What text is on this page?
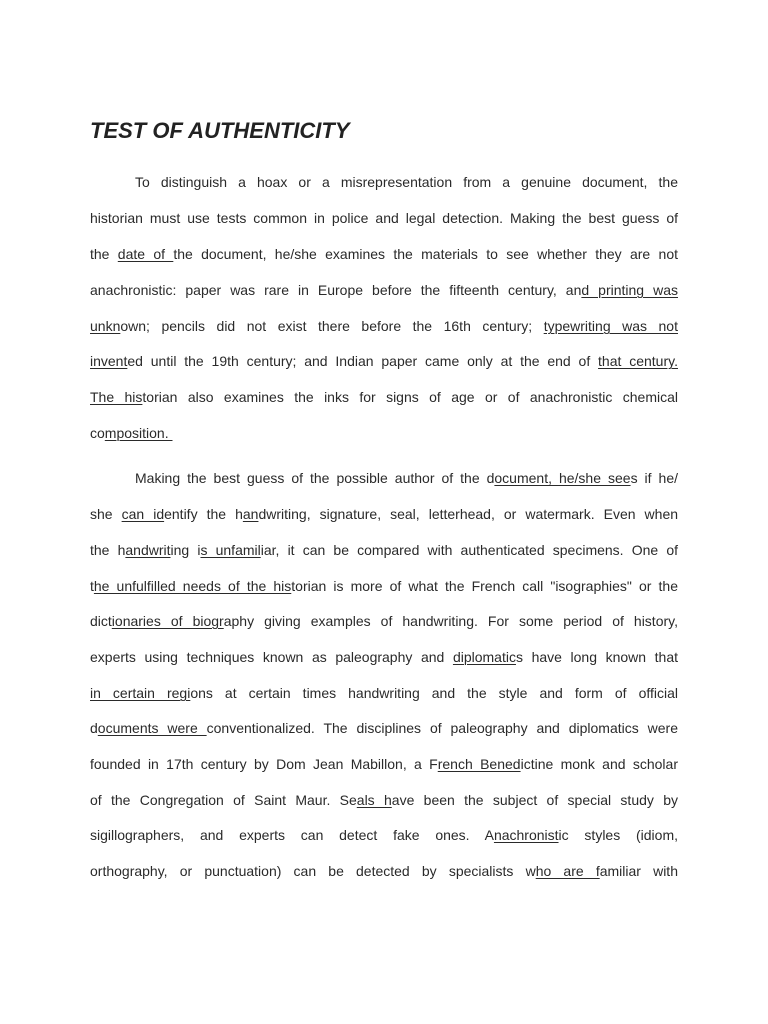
TEST OF AUTHENTICITY
To distinguish a hoax or a misrepresentation from a genuine document, the
historian must use tests common in police and legal detection. Making the best guess of
the date of the document, he/she examines the materials to see whether they are not
anachronistic: paper was rare in Europe before the fifteenth century, and printing was
unknown; pencils did not exist there before the 16th century; typewriting was not
invented until the 19th century; and Indian paper came only at the end of that century.
The historian also examines the inks for signs of age or of anachronistic chemical
composition.
Making the best guess of the possible author of the document, he/she sees if he/
she can identify the handwriting, signature, seal, letterhead, or watermark. Even when
the handwriting is unfamiliar, it can be compared with authenticated specimens. One of
the unfulfilled needs of the historian is more of what the French call "isographies" or the
dictionaries of biography giving examples of handwriting. For some period of history,
experts using techniques known as paleography and diplomatics have long known that
in certain regions at certain times handwriting and the style and form of official
documents were conventionalized. The disciplines of paleography and diplomatics were
founded in 17th century by Dom Jean Mabillon, a French Benedictine monk and scholar
of the Congregation of Saint Maur. Seals have been the subject of special study by
sigillographers, and experts can detect fake ones. Anachronistic styles (idiom,
orthography, or punctuation) can be detected by specialists who are familiar with
